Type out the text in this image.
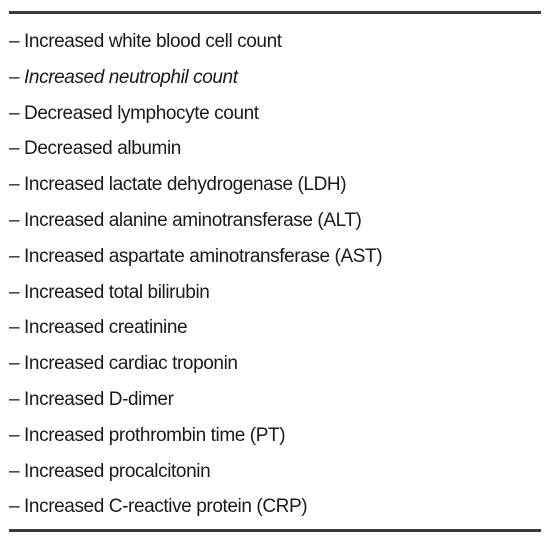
– Increased white blood cell count
– Increased neutrophil count
– Decreased lymphocyte count
– Decreased albumin
– Increased lactate dehydrogenase (LDH)
– Increased alanine aminotransferase (ALT)
– Increased aspartate aminotransferase (AST)
– Increased total bilirubin
– Increased creatinine
– Increased cardiac troponin
– Increased D-dimer
– Increased prothrombin time (PT)
– Increased procalcitonin
– Increased C-reactive protein (CRP)
